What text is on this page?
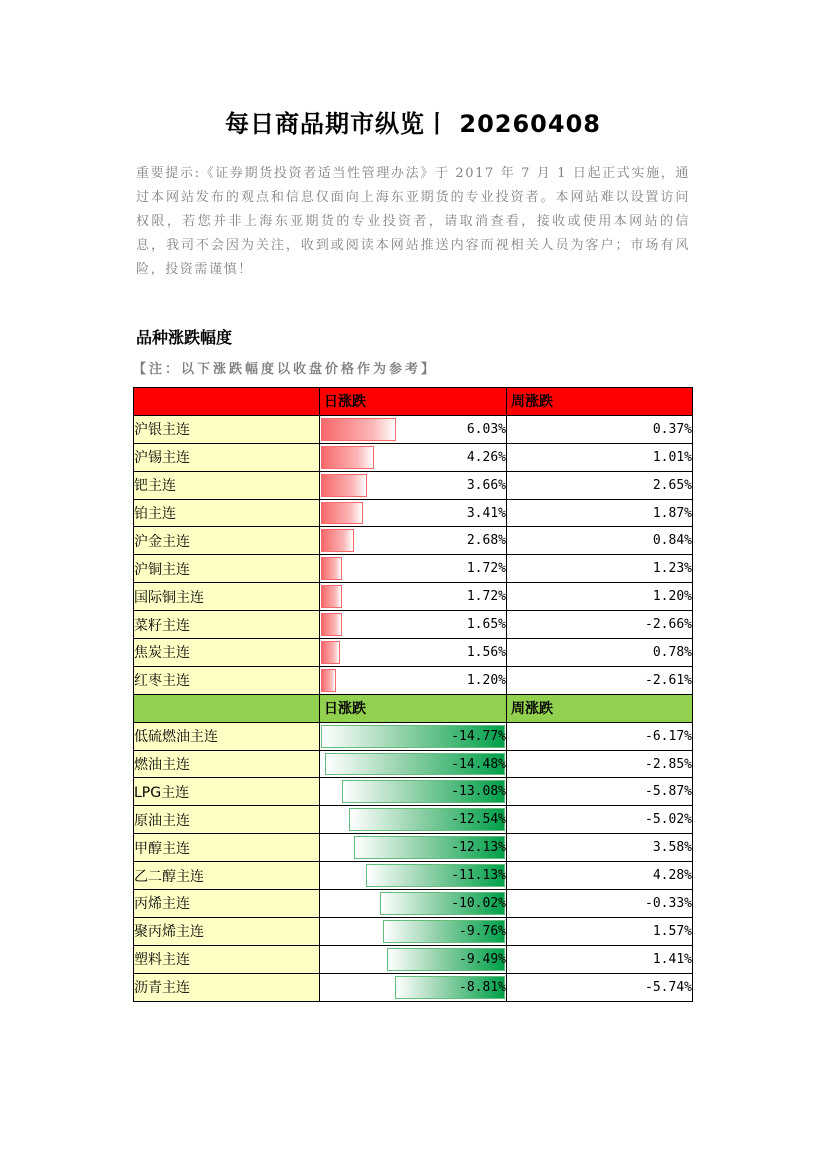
每日商品期市纵览丨 20260408
重要提示:《证券期货投资者适当性管理办法》于 2017 年 7 月 1 日起正式实施，通过本网站发布的观点和信息仅面向上海东亚期货的专业投资者。本网站难以设置访问权限，若您并非上海东亚期货的专业投资者，请取消查看，接收或使用本网站的信息，我司不会因为关注，收到或阅读本网站推送内容而视相关人员为客户；市场有风险，投资需谨慎！
品种涨跌幅度
【注：以下涨跌幅度以收盘价格作为参考】
	日涨跌	周涨跌
沪银主连	6.03%	0.37%
沪锡主连	4.26%	1.01%
钯主连	3.66%	2.65%
铂主连	3.41%	1.87%
沪金主连	2.68%	0.84%
沪铜主连	1.72%	1.23%
国际铜主连	1.72%	1.20%
菜籽主连	1.65%	-2.66%
焦炭主连	1.56%	0.78%
红枣主连	1.20%	-2.61%
	日涨跌	周涨跌
低硫燃油主连	-14.77%	-6.17%
燃油主连	-14.48%	-2.85%
LPG主连	-13.08%	-5.87%
原油主连	-12.54%	-5.02%
甲醇主连	-12.13%	3.58%
乙二醇主连	-11.13%	4.28%
丙烯主连	-10.02%	-0.33%
聚丙烯主连	-9.76%	1.57%
塑料主连	-9.49%	1.41%
沥青主连	-8.81%	-5.74%
